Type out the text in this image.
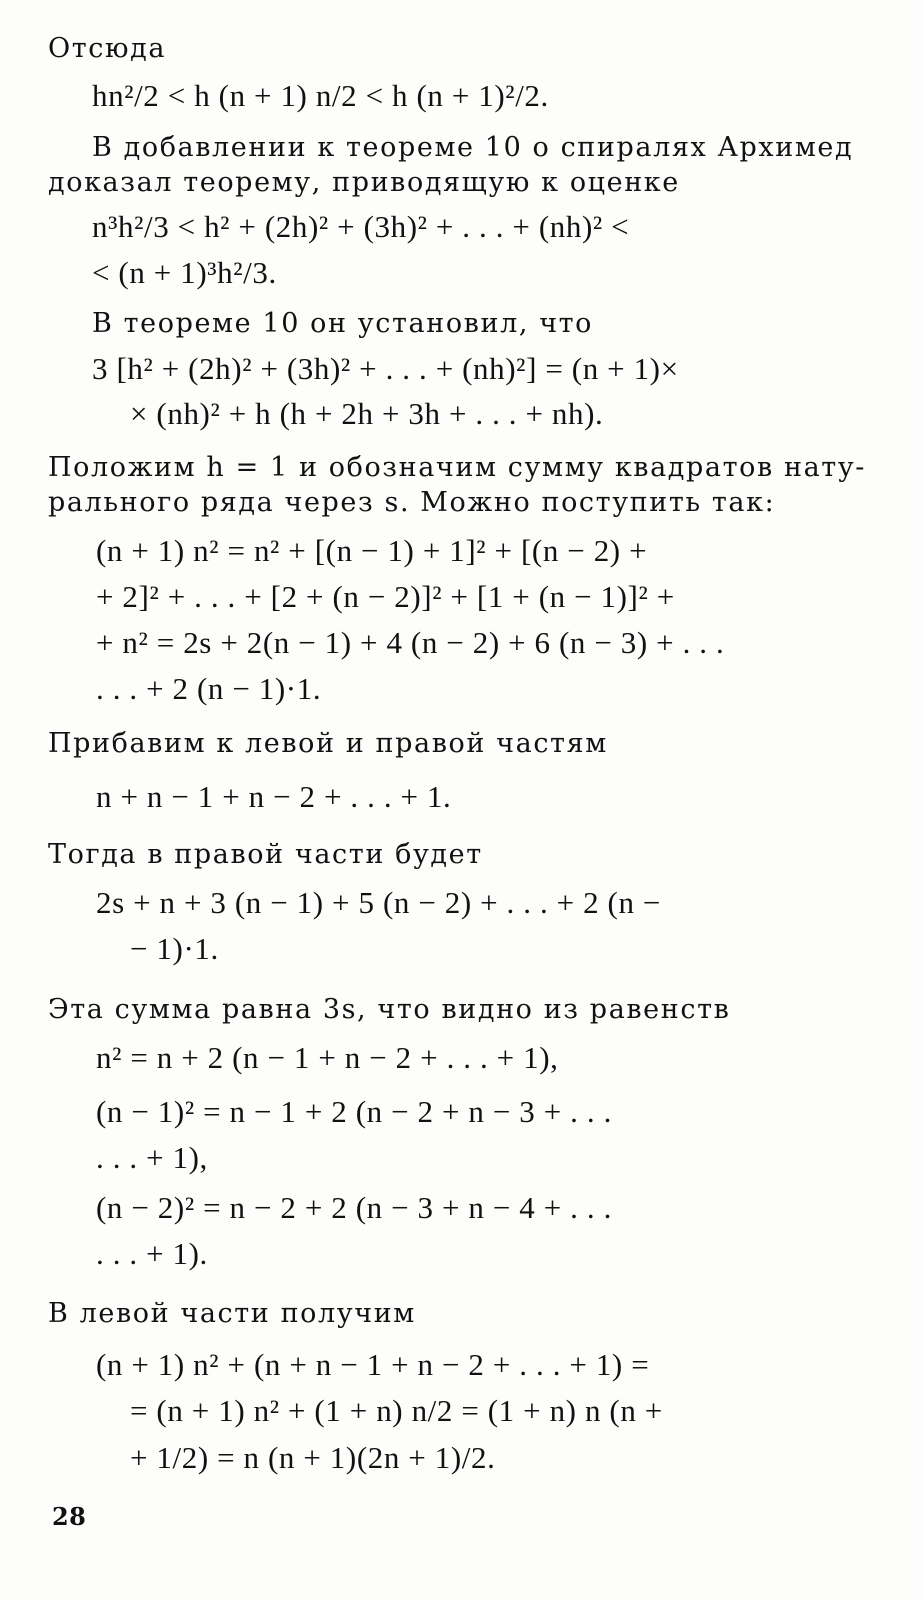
Отсюда
hn²/2 < h (n + 1) n/2 < h (n + 1)²/2.
В добавлении к теореме 10 о спиралях Архимед
доказал теорему, приводящую к оценке
n³h²/3 < h² + (2h)² + (3h)² + . . . + (nh)² <
< (n + 1)³h²/3.
В теореме 10 он установил, что
3 [h² + (2h)² + (3h)² + . . . + (nh)²] = (n + 1)×
× (nh)² + h (h + 2h + 3h + . . . + nh).
Положим h = 1 и обозначим сумму квадратов нату-
рального ряда через s. Можно поступить так:
(n + 1) n² = n² + [(n − 1) + 1]² + [(n − 2) +
+ 2]² + . . . + [2 + (n − 2)]² + [1 + (n − 1)]² +
+ n² = 2s + 2(n − 1) + 4 (n − 2) + 6 (n − 3) + . . .
. . . + 2 (n − 1)·1.
Прибавим к левой и правой частям
n + n − 1 + n − 2 + . . . + 1.
Тогда в правой части будет
2s + n + 3 (n − 1) + 5 (n − 2) + . . . + 2 (n −
− 1)·1.
Эта сумма равна 3s, что видно из равенств
n² = n + 2 (n − 1 + n − 2 + . . . + 1),
(n − 1)² = n − 1 + 2 (n − 2 + n − 3 + . . .
. . . + 1),
(n − 2)² = n − 2 + 2 (n − 3 + n − 4 + . . .
. . . + 1).
В левой части получим
(n + 1) n² + (n + n − 1 + n − 2 + . . . + 1) =
= (n + 1) n² + (1 + n) n/2 = (1 + n) n (n +
+ 1/2) = n (n + 1)(2n + 1)/2.
28
